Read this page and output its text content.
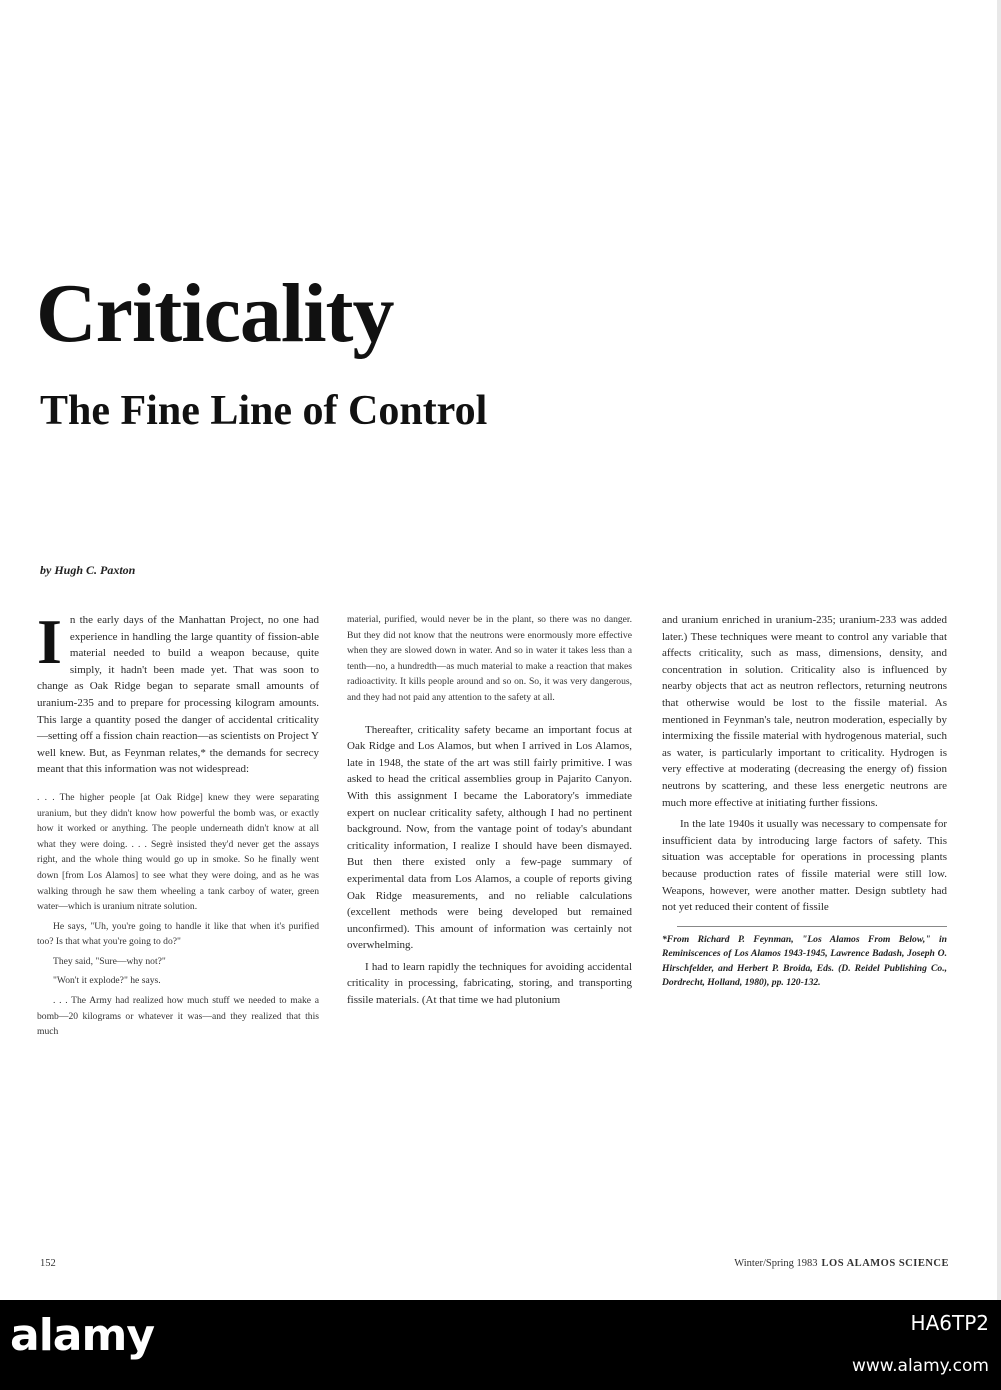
Criticality
The Fine Line of Control
by Hugh C. Paxton

In the early days of the Manhattan Project, no one had experience in handling the large quantity of fission-able material needed to build a weapon because, quite simply, it hadn't been made yet. That was soon to change as Oak Ridge began to separate small amounts of uranium-235 and to prepare for processing kilogram amounts. This large a quantity posed the danger of accidental criticality—setting off a fission chain reaction—as scientists on Project Y well knew. But, as Feynman relates,* the demands for secrecy meant that this information was not widespread:

. . . The higher people [at Oak Ridge] knew they were separating uranium, but they didn't know how powerful the bomb was, or exactly how it worked or anything. The people underneath didn't know at all what they were doing. . . . Segrè insisted they'd never get the assays right, and the whole thing would go up in smoke. So he finally went down [from Los Alamos] to see what they were doing, and as he was walking through he saw them wheeling a tank carboy of water, green water—which is uranium nitrate solution.

He says, "Uh, you're going to handle it like that when it's purified too? Is that what you're going to do?"

They said, "Sure—why not?"

"Won't it explode?" he says.

. . . The Army had realized how much stuff we needed to make a bomb—20 kilograms or whatever it was—and they realized that this much

material, purified, would never be in the plant, so there was no danger. But they did not know that the neutrons were enormously more effective when they are slowed down in water. And so in water it takes less than a tenth—no, a hundredth—as much material to make a reaction that makes radioactivity. It kills people around and so on. So, it was very dangerous, and they had not paid any attention to the safety at all.

Thereafter, criticality safety became an important focus at Oak Ridge and Los Alamos, but when I arrived in Los Alamos, late in 1948, the state of the art was still fairly primitive. I was asked to head the critical assemblies group in Pajarito Canyon. With this assignment I became the Laboratory's immediate expert on nuclear criticality safety, although I had no pertinent background. Now, from the vantage point of today's abundant criticality information, I realize I should have been dismayed. But then there existed only a few-page summary of experimental data from Los Alamos, a couple of reports giving Oak Ridge measurements, and no reliable calculations (excellent methods were being developed but remained unconfirmed). This amount of information was certainly not overwhelming.

I had to learn rapidly the techniques for avoiding accidental criticality in processing, fabricating, storing, and transporting fissile materials. (At that time we had plutonium

and uranium enriched in uranium-235; uranium-233 was added later.) These techniques were meant to control any variable that affects criticality, such as mass, dimensions, density, and concentration in solution. Criticality also is influenced by nearby objects that act as neutron reflectors, returning neutrons that otherwise would be lost to the fissile material. As mentioned in Feynman's tale, neutron moderation, especially by intermixing the fissile material with hydrogenous material, such as water, is particularly important to criticality. Hydrogen is very effective at moderating (decreasing the energy of) fission neutrons by scattering, and these less energetic neutrons are much more effective at initiating further fissions.

In the late 1940s it usually was necessary to compensate for insufficient data by introducing large factors of safety. This situation was acceptable for operations in processing plants because production rates of fissile material were still low. Weapons, however, were another matter. Design subtlety had not yet reduced their content of fissile

*From Richard P. Feynman, "Los Alamos From Below," in Reminiscences of Los Alamos 1943-1945, Lawrence Badash, Joseph O. Hirschfelder, and Herbert P. Broida, Eds. (D. Reidel Publishing Co., Dordrecht, Holland, 1980), pp. 120-132.
152	Winter/Spring 1983 LOS ALAMOS SCIENCE
alamy	HA6TP2
www.alamy.com
